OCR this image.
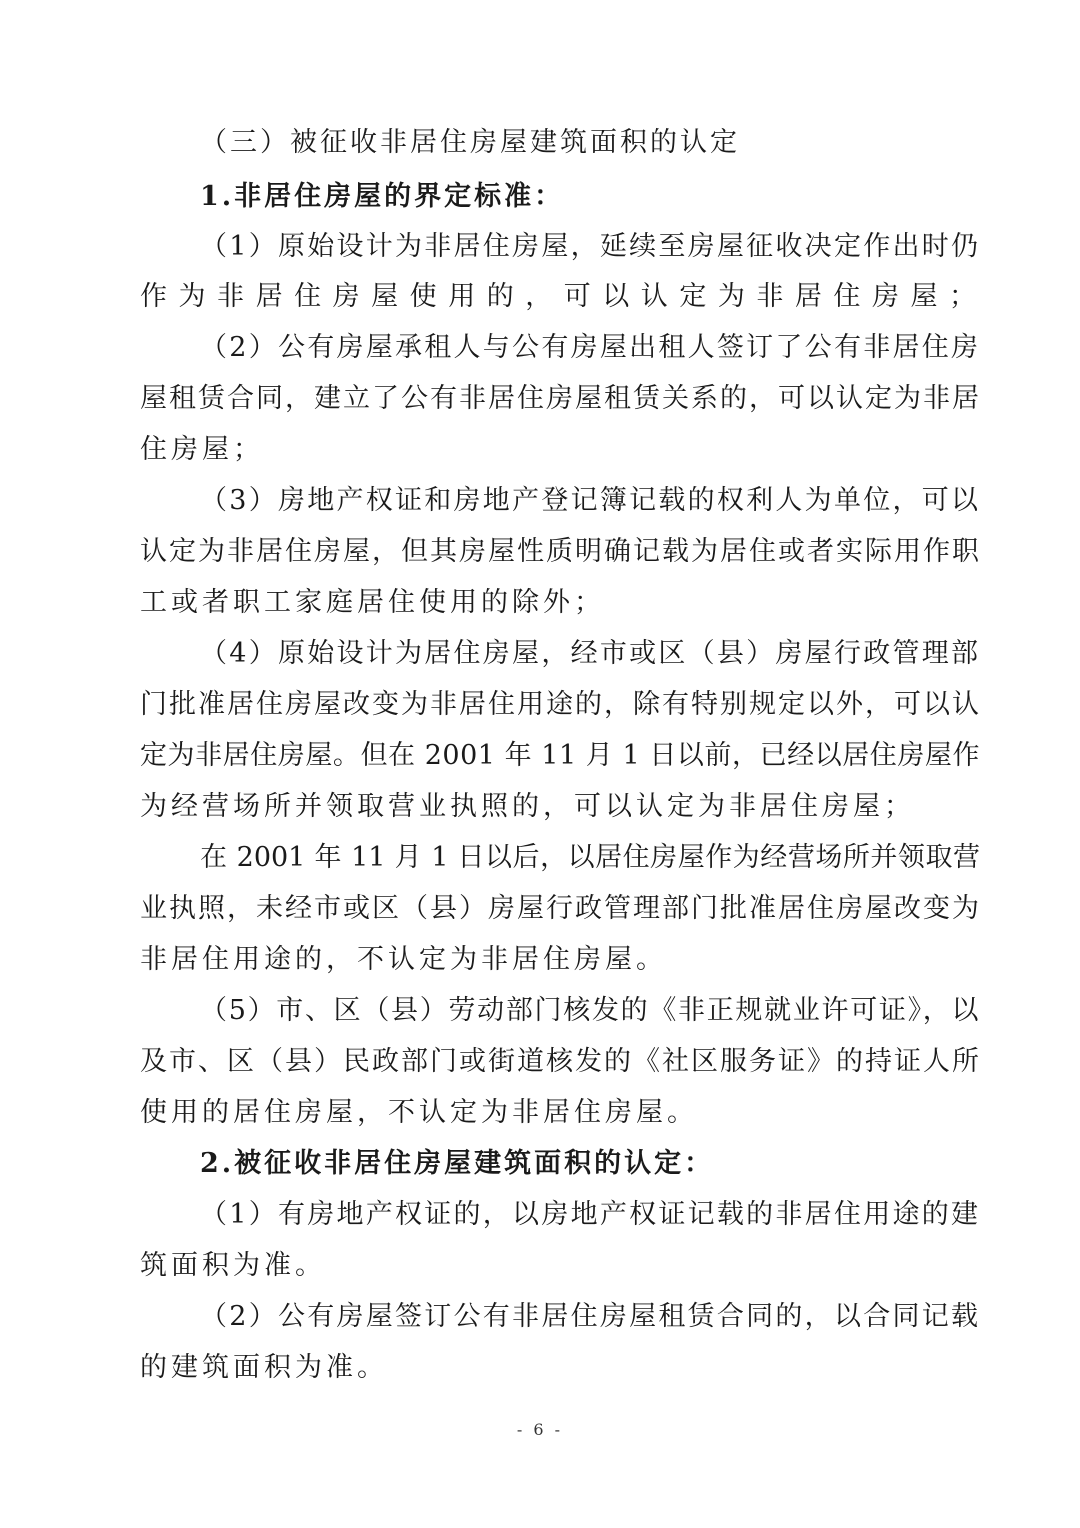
（三）被征收非居住房屋建筑面积的认定
1.非居住房屋的界定标准：
（1）原始设计为非居住房屋，延续至房屋征收决定作出时仍
作为非居住房屋使用的，可以认定为非居住房屋；
（2）公有房屋承租人与公有房屋出租人签订了公有非居住房
屋租赁合同，建立了公有非居住房屋租赁关系的，可以认定为非居
住房屋；
（3）房地产权证和房地产登记簿记载的权利人为单位，可以
认定为非居住房屋，但其房屋性质明确记载为居住或者实际用作职
工或者职工家庭居住使用的除外；
（4）原始设计为居住房屋，经市或区（县）房屋行政管理部
门批准居住房屋改变为非居住用途的，除有特别规定以外，可以认
定为非居住房屋。但在 2001 年 11 月 1 日以前，已经以居住房屋作
为经营场所并领取营业执照的，可以认定为非居住房屋；
在 2001 年 11 月 1 日以后，以居住房屋作为经营场所并领取营
业执照，未经市或区（县）房屋行政管理部门批准居住房屋改变为
非居住用途的，不认定为非居住房屋。
（5）市、区（县）劳动部门核发的《非正规就业许可证》，以
及市、区（县）民政部门或街道核发的《社区服务证》的持证人所
使用的居住房屋，不认定为非居住房屋。
2.被征收非居住房屋建筑面积的认定：
（1）有房地产权证的，以房地产权证记载的非居住用途的建
筑面积为准。
（2）公有房屋签订公有非居住房屋租赁合同的，以合同记载
的建筑面积为准。
- 6 -
